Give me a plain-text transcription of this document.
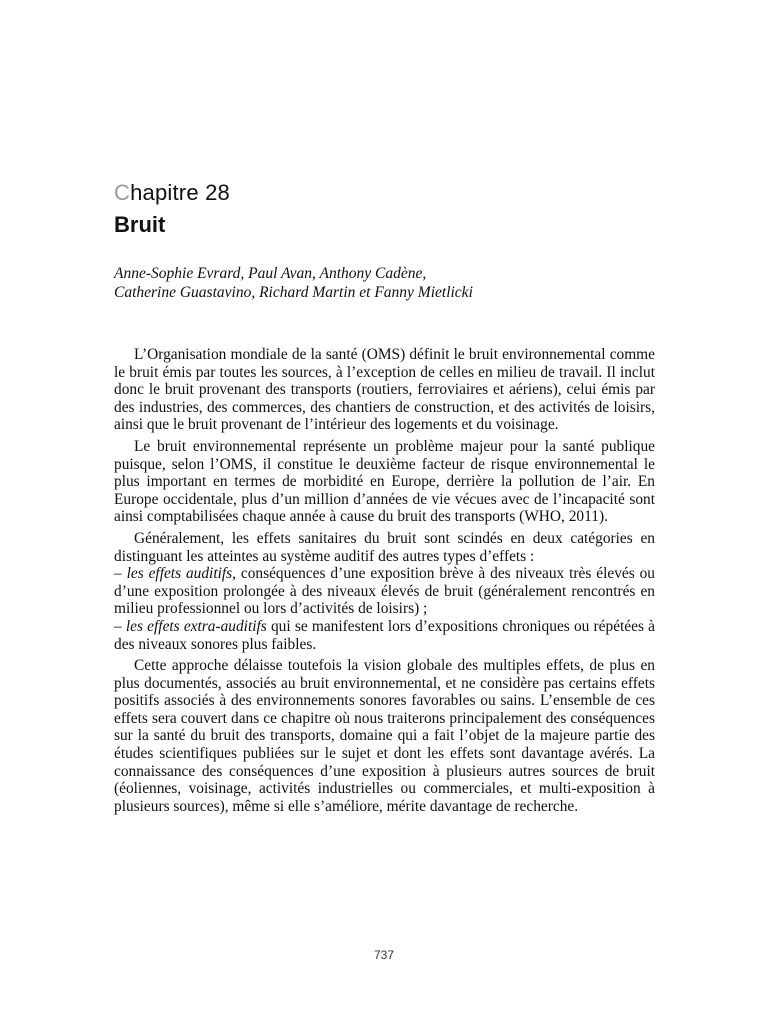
Chapitre 28
Bruit
Anne-Sophie Evrard, Paul Avan, Anthony Cadène,
Catherine Guastavino, Richard Martin et Fanny Mietlicki

L’Organisation mondiale de la santé (OMS) définit le bruit environnemental comme le bruit émis par toutes les sources, à l’exception de celles en milieu de travail. Il inclut donc le bruit provenant des transports (routiers, ferroviaires et aériens), celui émis par des industries, des commerces, des chantiers de construction, et des activités de loisirs, ainsi que le bruit provenant de l’intérieur des logements et du voisinage.

Le bruit environnemental représente un problème majeur pour la santé publique puisque, selon l’OMS, il constitue le deuxième facteur de risque environnemental le plus important en termes de morbidité en Europe, derrière la pollution de l’air. En Europe occidentale, plus d’un million d’années de vie vécues avec de l’incapacité sont ainsi comptabilisées chaque année à cause du bruit des transports (WHO, 2011).

Généralement, les effets sanitaires du bruit sont scindés en deux catégories en distinguant les atteintes au système auditif des autres types d’effets :

– les effets auditifs, conséquences d’une exposition brève à des niveaux très élevés ou d’une exposition prolongée à des niveaux élevés de bruit (généralement rencontrés en milieu professionnel ou lors d’activités de loisirs) ;

– les effets extra-auditifs qui se manifestent lors d’expositions chroniques ou répétées à des niveaux sonores plus faibles.

Cette approche délaisse toutefois la vision globale des multiples effets, de plus en plus documentés, associés au bruit environnemental, et ne considère pas certains effets positifs associés à des environnements sonores favorables ou sains. L’ensemble de ces effets sera couvert dans ce chapitre où nous traiterons principalement des conséquences sur la santé du bruit des transports, domaine qui a fait l’objet de la majeure partie des études scientifiques publiées sur le sujet et dont les effets sont davantage avérés. La connaissance des conséquences d’une exposition à plusieurs autres sources de bruit (éoliennes, voisinage, activités industrielles ou commerciales, et multi-exposition à plusieurs sources), même si elle s’améliore, mérite davantage de recherche.

737
